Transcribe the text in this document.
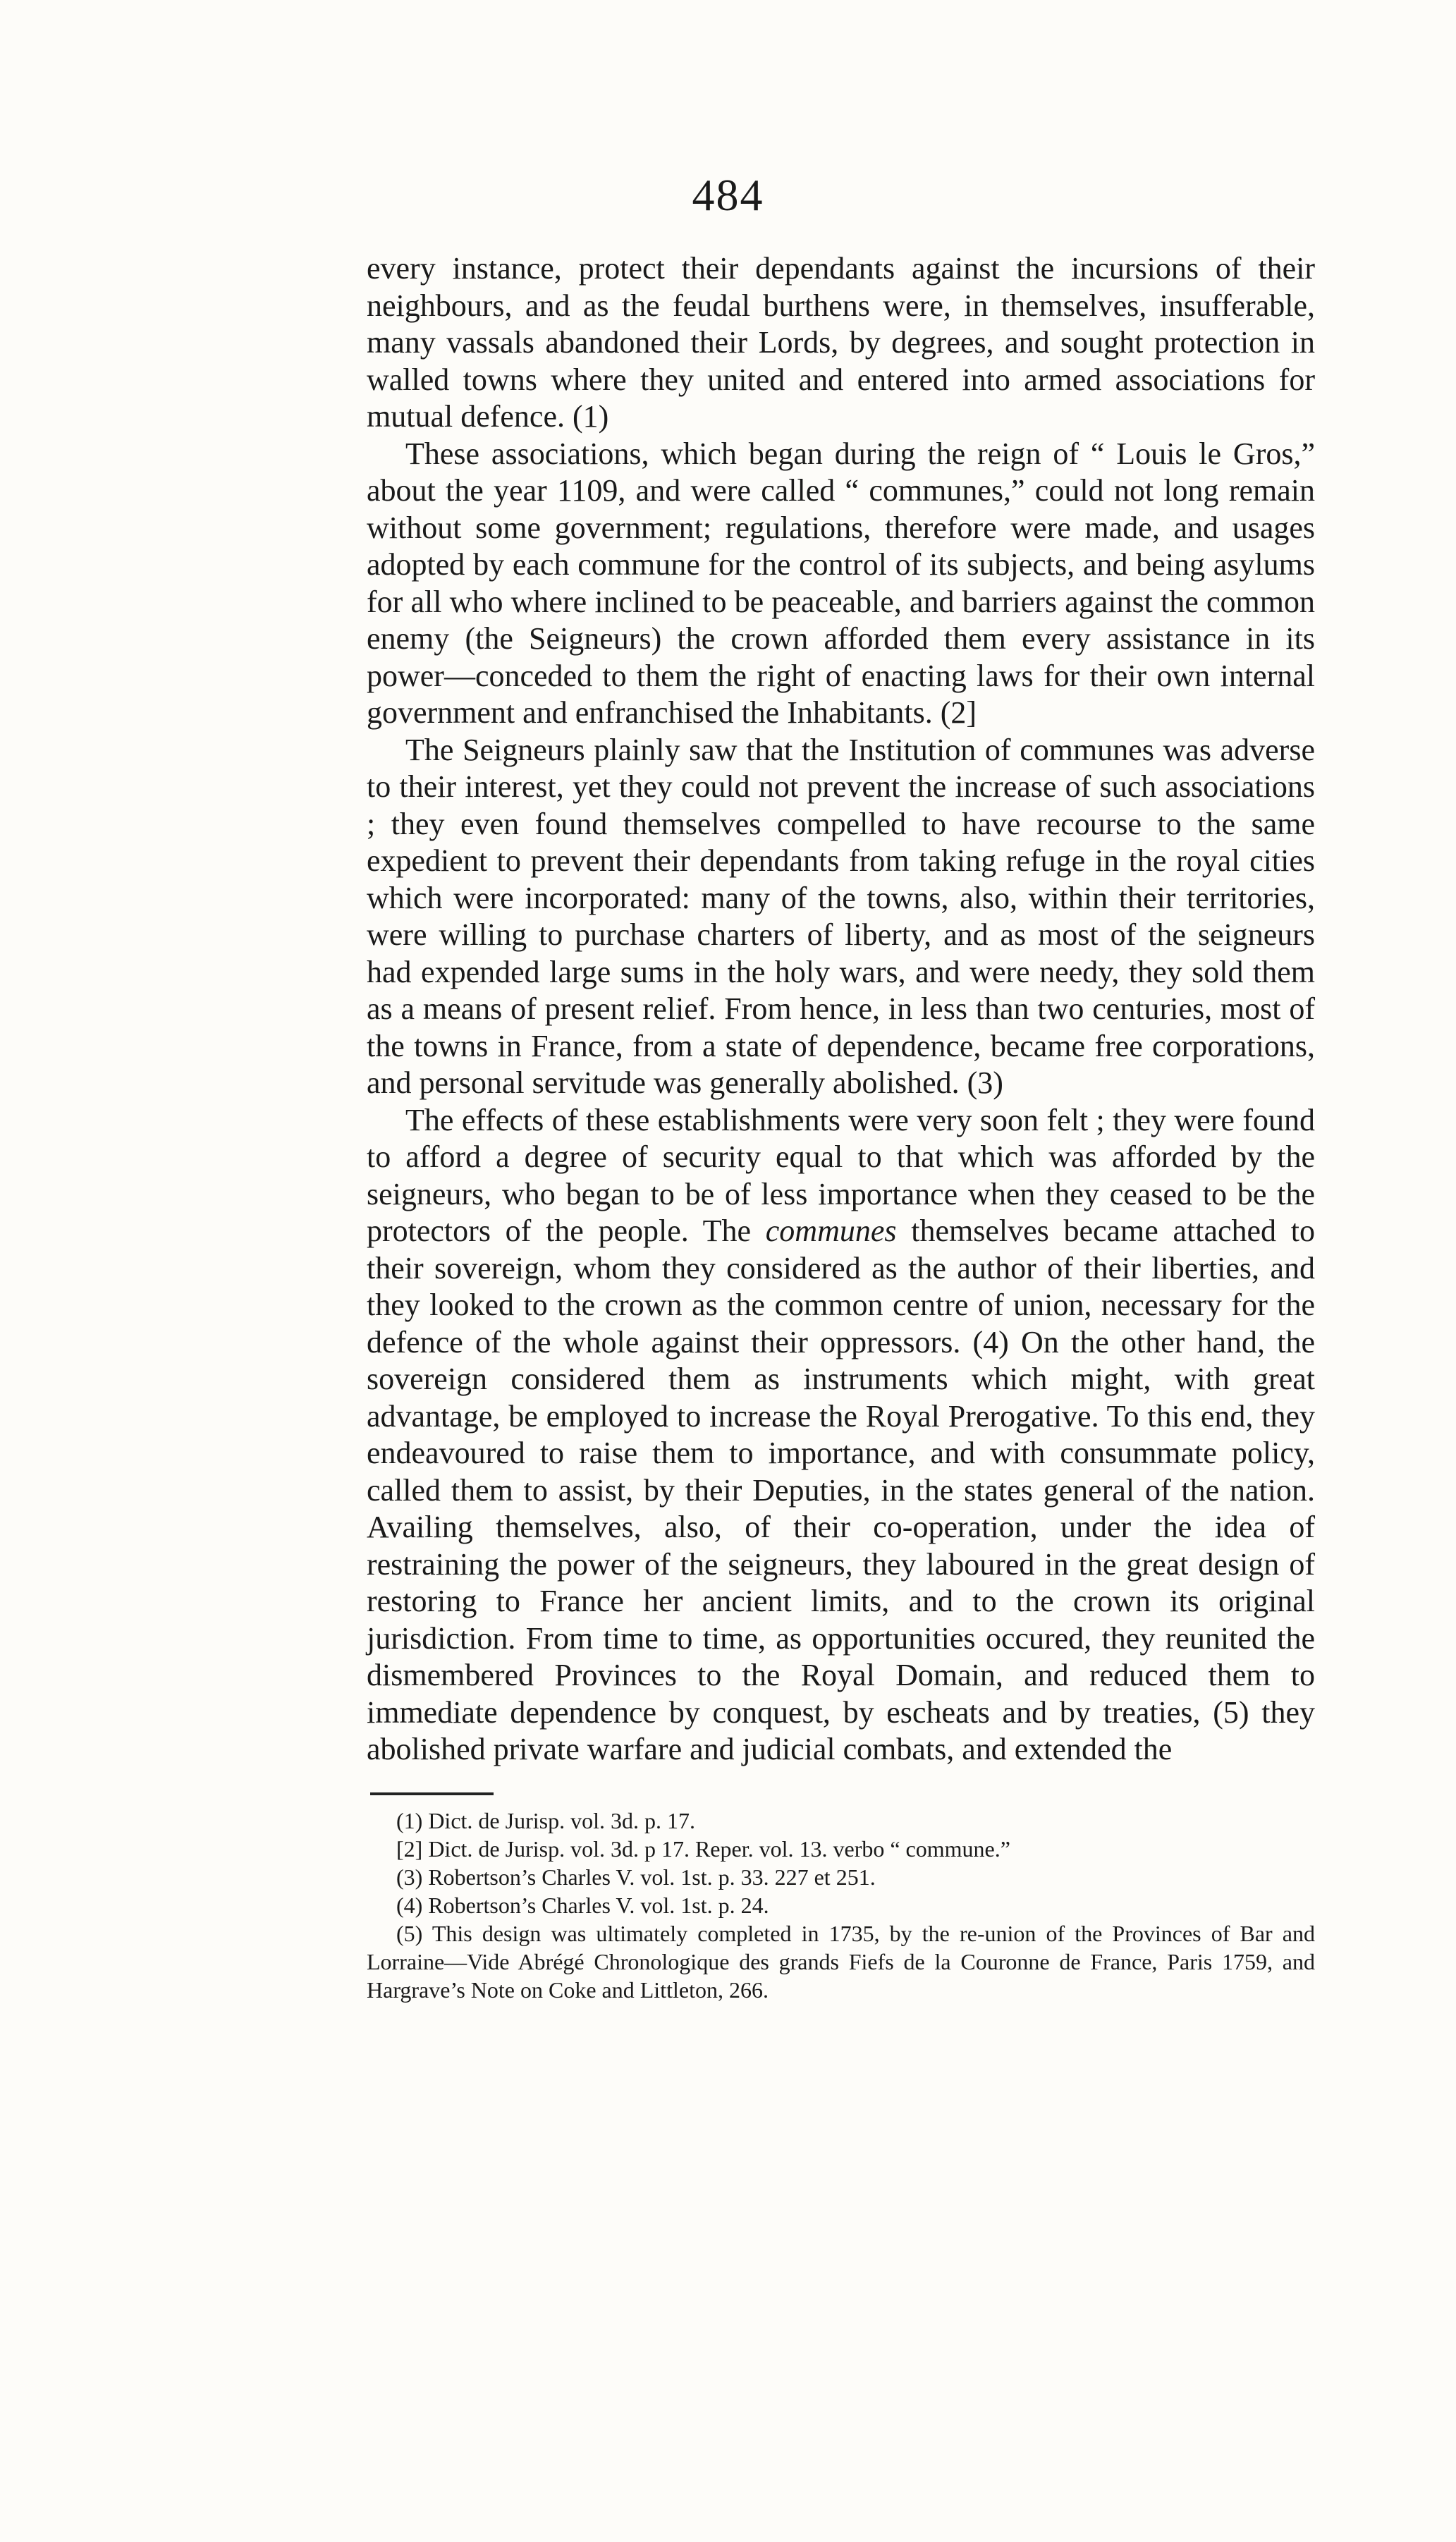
484

every instance, protect their dependants against the incursions of their neighbours, and as the feudal burthens were, in themselves, insufferable, many vassals abandoned their Lords, by degrees, and sought protection in walled towns where they united and entered into armed associations for mutual defence. (1)

These associations, which began during the reign of “ Louis le Gros,” about the year 1109, and were called “ communes,” could not long remain without some government; regulations, therefore were made, and usages adopted by each commune for the control of its subjects, and being asylums for all who where inclined to be peaceable, and barriers against the common enemy (the Seigneurs) the crown afforded them every assistance in its power—conceded to them the right of enacting laws for their own internal government and enfranchised the Inhabitants. (2]

The Seigneurs plainly saw that the Institution of communes was adverse to their interest, yet they could not prevent the increase of such associations ; they even found themselves compelled to have recourse to the same expedient to prevent their dependants from taking refuge in the royal cities which were incorporated: many of the towns, also, within their territories, were willing to purchase charters of liberty, and as most of the seigneurs had expended large sums in the holy wars, and were needy, they sold them as a means of present relief. From hence, in less than two centuries, most of the towns in France, from a state of dependence, became free corporations, and personal servitude was generally abolished. (3)

The effects of these establishments were very soon felt ; they were found to afford a degree of security equal to that which was afforded by the seigneurs, who began to be of less importance when they ceased to be the protectors of the people. The communes themselves became attached to their sovereign, whom they considered as the author of their liberties, and they looked to the crown as the common centre of union, necessary for the defence of the whole against their oppressors. (4) On the other hand, the sovereign considered them as instruments which might, with great advantage, be employed to increase the Royal Prerogative. To this end, they endeavoured to raise them to importance, and with consummate policy, called them to assist, by their Deputies, in the states general of the nation. Availing themselves, also, of their co-operation, under the idea of restraining the power of the seigneurs, they laboured in the great design of restoring to France her ancient limits, and to the crown its original jurisdiction. From time to time, as opportunities occured, they reunited the dismembered Provinces to the Royal Domain, and reduced them to immediate dependence by conquest, by escheats and by treaties, (5) they abolished private warfare and judicial combats, and extended the

(1) Dict. de Jurisp. vol. 3d. p. 17.

[2] Dict. de Jurisp. vol. 3d. p 17. Reper. vol. 13. verbo “ commune.”

(3) Robertson’s Charles V. vol. 1st. p. 33. 227 et 251.

(4) Robertson’s Charles V. vol. 1st. p. 24.

(5) This design was ultimately completed in 1735, by the re-union of the Provinces of Bar and Lorraine—Vide Abrégé Chronologique des grands Fiefs de la Couronne de France, Paris 1759, and Hargrave’s Note on Coke and Littleton, 266.
